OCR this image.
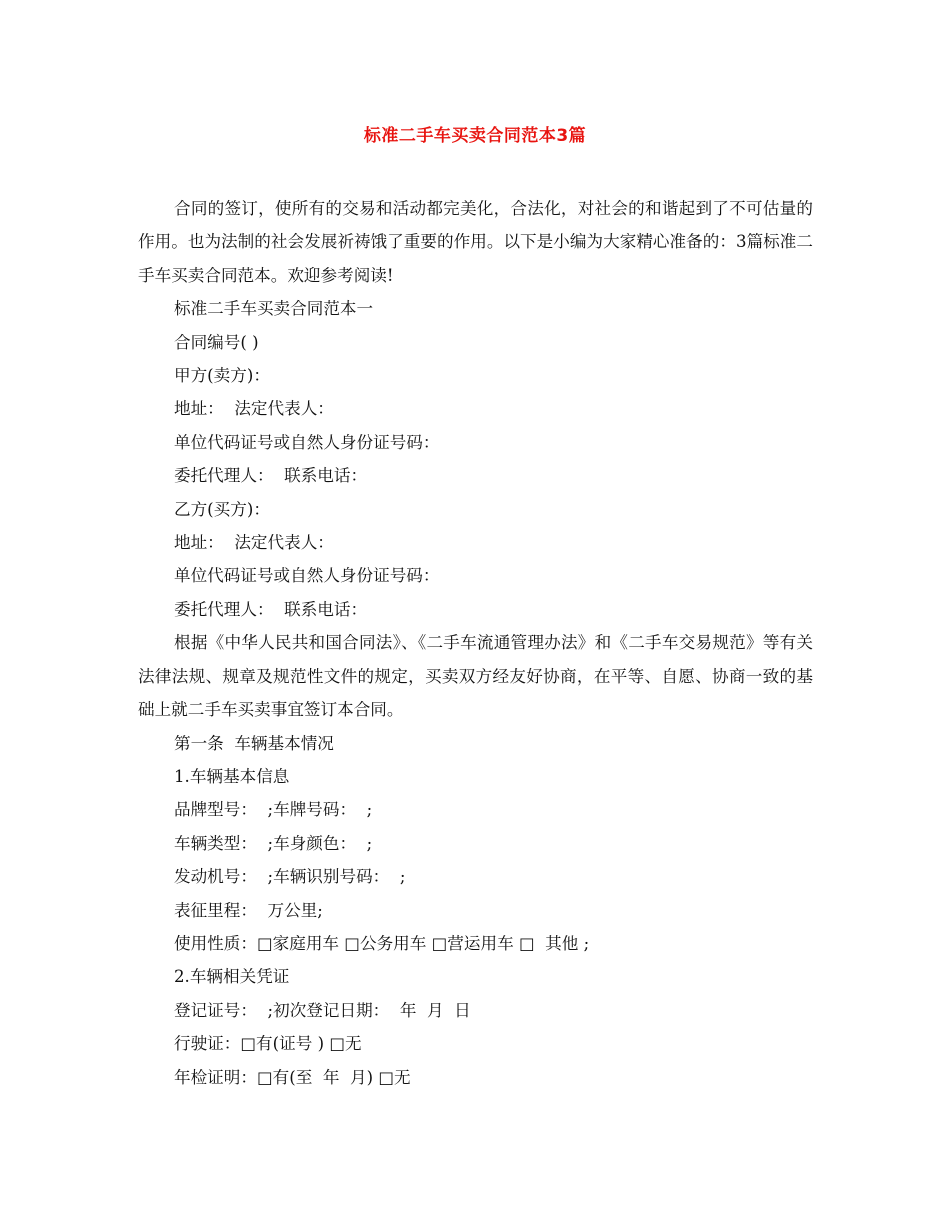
标准二手车买卖合同范本3篇

合同的签订，使所有的交易和活动都完美化，合法化，对社会的和谐起到了不可估量的作用。也为法制的社会发展祈祷饿了重要的作用。以下是小编为大家精心准备的：3篇标准二手车买卖合同范本。欢迎参考阅读!

标准二手车买卖合同范本一

合同编号( )

甲方(卖方)：

地址：  法定代表人：

单位代码证号或自然人身份证号码：

委托代理人：  联系电话：

乙方(买方)：

地址：  法定代表人：

单位代码证号或自然人身份证号码：

委托代理人：  联系电话：

根据《中华人民共和国合同法》、《二手车流通管理办法》和《二手车交易规范》等有关法律法规、规章及规范性文件的规定，买卖双方经友好协商，在平等、自愿、协商一致的基础上就二手车买卖事宜签订本合同。

第一条  车辆基本情况

1.车辆基本信息

品牌型号：  ;车牌号码：  ;

车辆类型：  ;车身颜色：  ;

发动机号：  ;车辆识别号码：  ;

表征里程：  万公里;

使用性质：□家庭用车 □公务用车 □营运用车 □  其他 ;

2.车辆相关凭证

登记证号：  ;初次登记日期：  年  月  日

行驶证：□有(证号 ) □无

年检证明：□有(至  年  月) □无
